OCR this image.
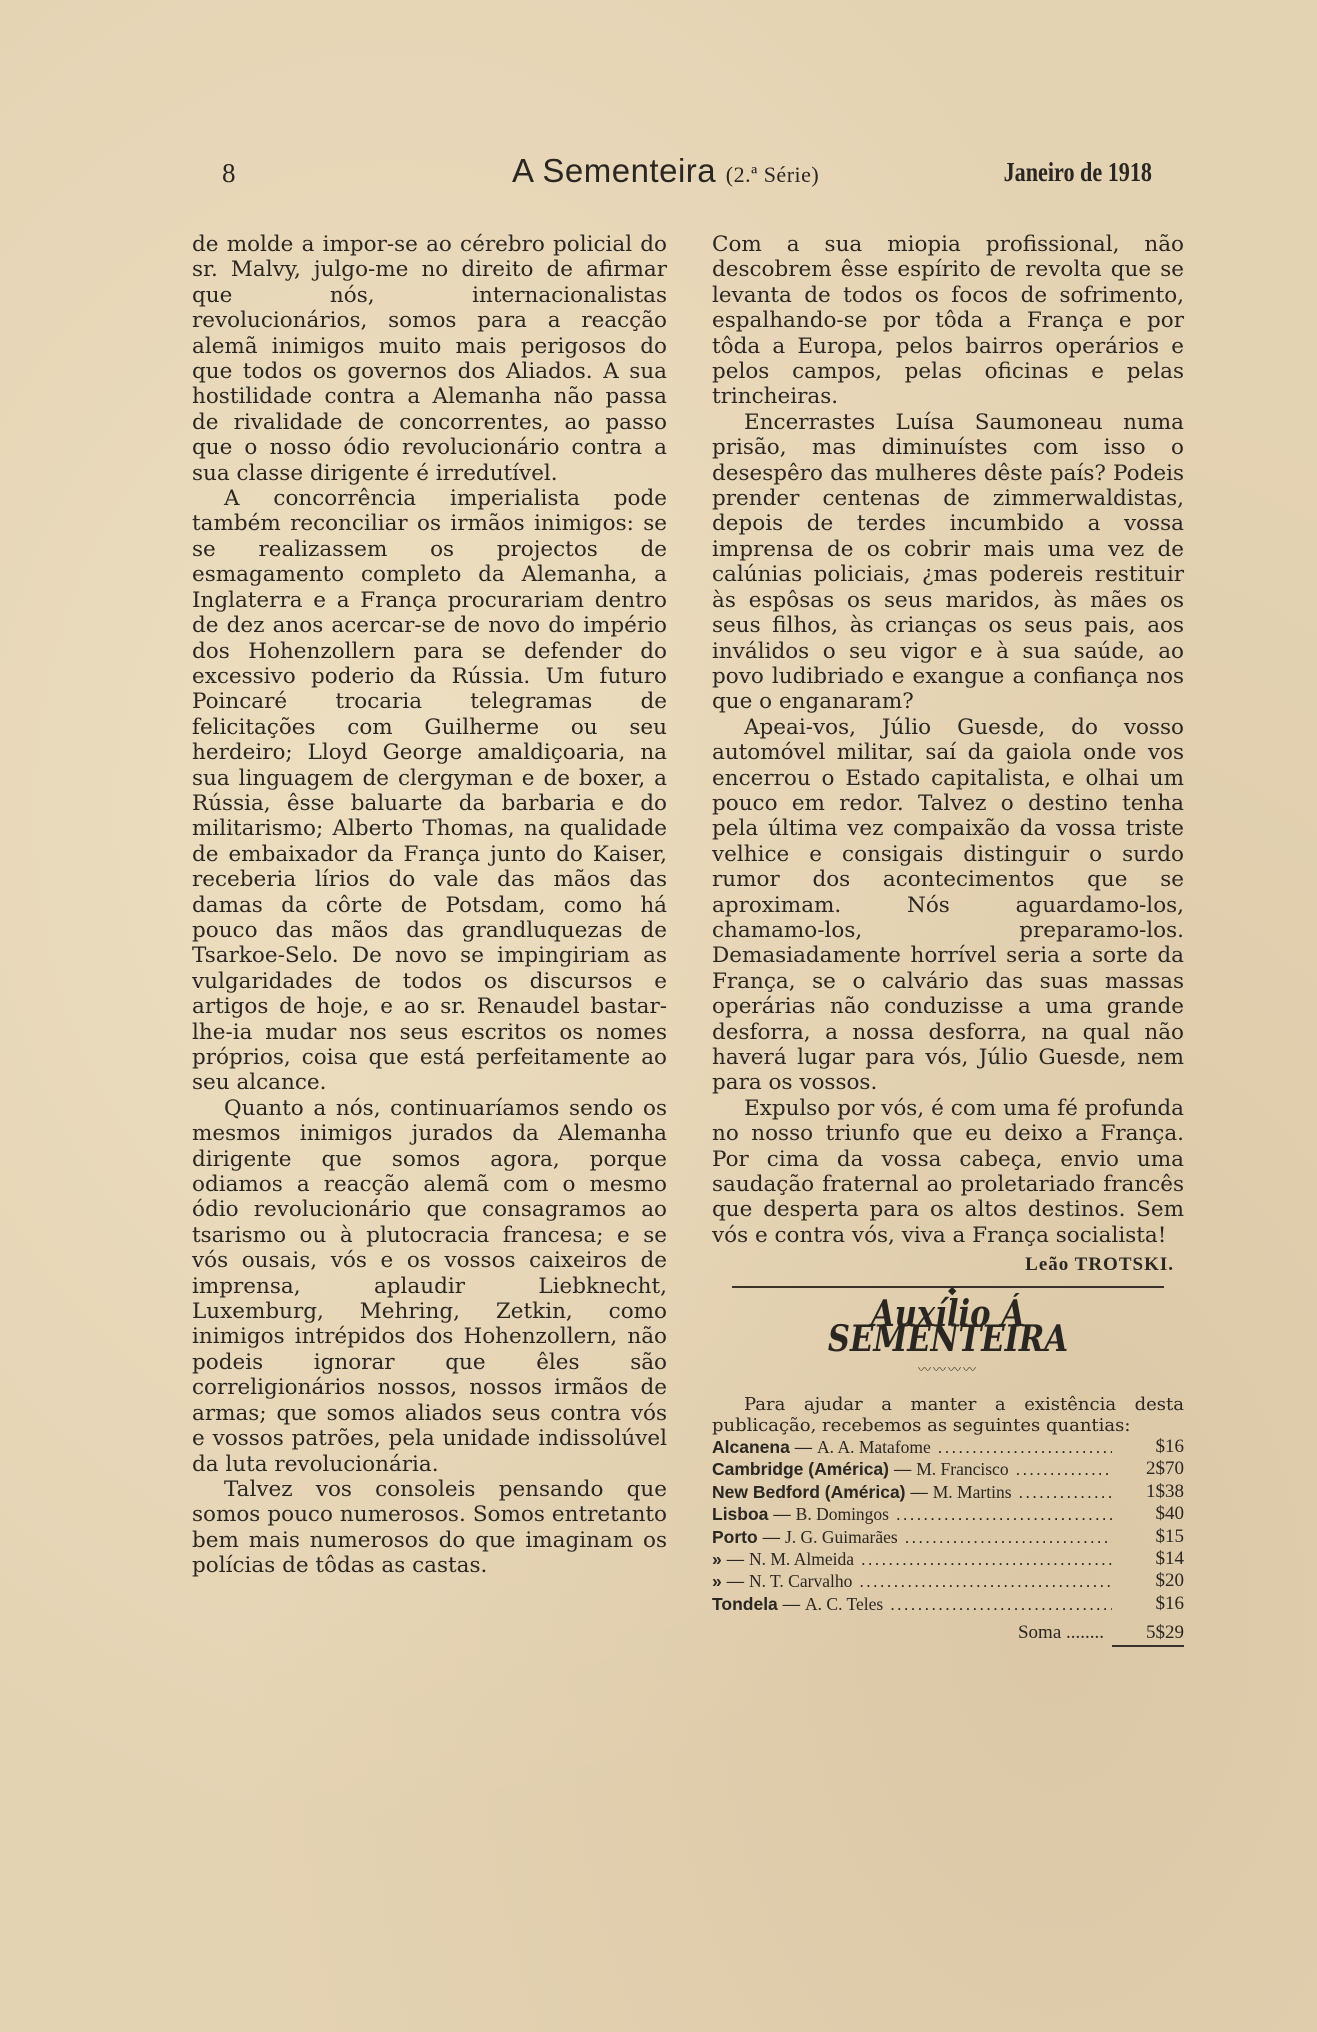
8	A Sementeira (2.ª Série)	Janeiro de 1918

de molde a impor-se ao cérebro policial do sr. Malvy, julgo-me no direito de afirmar que nós, internacionalistas revolucionários, somos para a reacção alemã inimigos muito mais perigosos do que todos os governos dos Aliados. A sua hostilidade contra a Alemanha não passa de rivalidade de concorrentes, ao passo que o nosso ódio revolucionário contra a sua classe dirigente é irredutível.

A concorrência imperialista pode também reconciliar os irmãos inimigos: se se realizassem os projectos de esmagamento completo da Alemanha, a Inglaterra e a França procurariam dentro de dez anos acercar-se de novo do império dos Hohenzollern para se defender do excessivo poderio da Rússia. Um futuro Poincaré trocaria telegramas de felicitações com Guilherme ou seu herdeiro; Lloyd George amaldiçoaria, na sua linguagem de clergyman e de boxer, a Rússia, êsse baluarte da barbaria e do militarismo; Alberto Thomas, na qualidade de embaixador da França junto do Kaiser, receberia lírios do vale das mãos das damas da côrte de Potsdam, como há pouco das mãos das grandluquezas de Tsarkoe-Selo. De novo se impingiriam as vulgaridades de todos os discursos e artigos de hoje, e ao sr. Renaudel bastar-lhe-ia mudar nos seus escritos os nomes próprios, coisa que está perfeitamente ao seu alcance.

Quanto a nós, continuaríamos sendo os mesmos inimigos jurados da Alemanha dirigente que somos agora, porque odiamos a reacção alemã com o mesmo ódio revolucionário que consagramos ao tsarismo ou à plutocracia francesa; e se vós ousais, vós e os vossos caixeiros de imprensa, aplaudir Liebknecht, Luxemburg, Mehring, Zetkin, como inimigos intrépidos dos Hohenzollern, não podeis ignorar que êles são correligionários nossos, nossos irmãos de armas; que somos aliados seus contra vós e vossos patrões, pela unidade indissolúvel da luta revolucionária.

Talvez vos consoleis pensando que somos pouco numerosos. Somos entretanto bem mais numerosos do que imaginam os polícias de tôdas as castas.

Com a sua miopia profissional, não descobrem êsse espírito de revolta que se levanta de todos os focos de sofrimento, espalhando-se por tôda a França e por tôda a Europa, pelos bairros operários e pelos campos, pelas oficinas e pelas trincheiras.

Encerrastes Luísa Saumoneau numa prisão, mas diminuístes com isso o desespêro das mulheres dêste país? Podeis prender centenas de zimmerwaldistas, depois de terdes incumbido a vossa imprensa de os cobrir mais uma vez de calúnias policiais, ¿mas podereis restituir às espôsas os seus maridos, às mães os seus filhos, às crianças os seus pais, aos inválidos o seu vigor e à sua saúde, ao povo ludibriado e exangue a confiança nos que o enganaram?

Apeai-vos, Júlio Guesde, do vosso automóvel militar, saí da gaiola onde vos encerrou o Estado capitalista, e olhai um pouco em redor. Talvez o destino tenha pela última vez compaixão da vossa triste velhice e consigais distinguir o surdo rumor dos acontecimentos que se aproximam. Nós aguardamo-los, chamamo-los, preparamo-los. Demasiadamente horrível seria a sorte da França, se o calvário das suas massas operárias não conduzisse a uma grande desforra, a nossa desforra, na qual não haverá lugar para vós, Júlio Guesde, nem para os vossos.

Expulso por vós, é com uma fé profunda no nosso triunfo que eu deixo a França. Por cima da vossa cabeça, envio uma saudação fraternal ao proletariado francês que desperta para os altos destinos. Sem vós e contra vós, viva a França socialista!

Leão TROTSKI.
◆
Auxílio Á SEMENTEIRA
〰〰〰〰

Para ajudar a manter a existência desta publicação, recebemos as seguintes quantias:

Alcanena — A. A. Matafome .....	$16
Cambridge (América) — M. Francisco .....	2$70
New Bedford (América) — M. Martins .....	1$38
Lisboa — B. Domingos .....	$40
Porto — J. G. Guimarães .....	$15
» — N. M. Almeida .....	$14
» — N. T. Carvalho .....	$20
Tondela — A. C. Teles .....	$16
Soma .....	5$29
